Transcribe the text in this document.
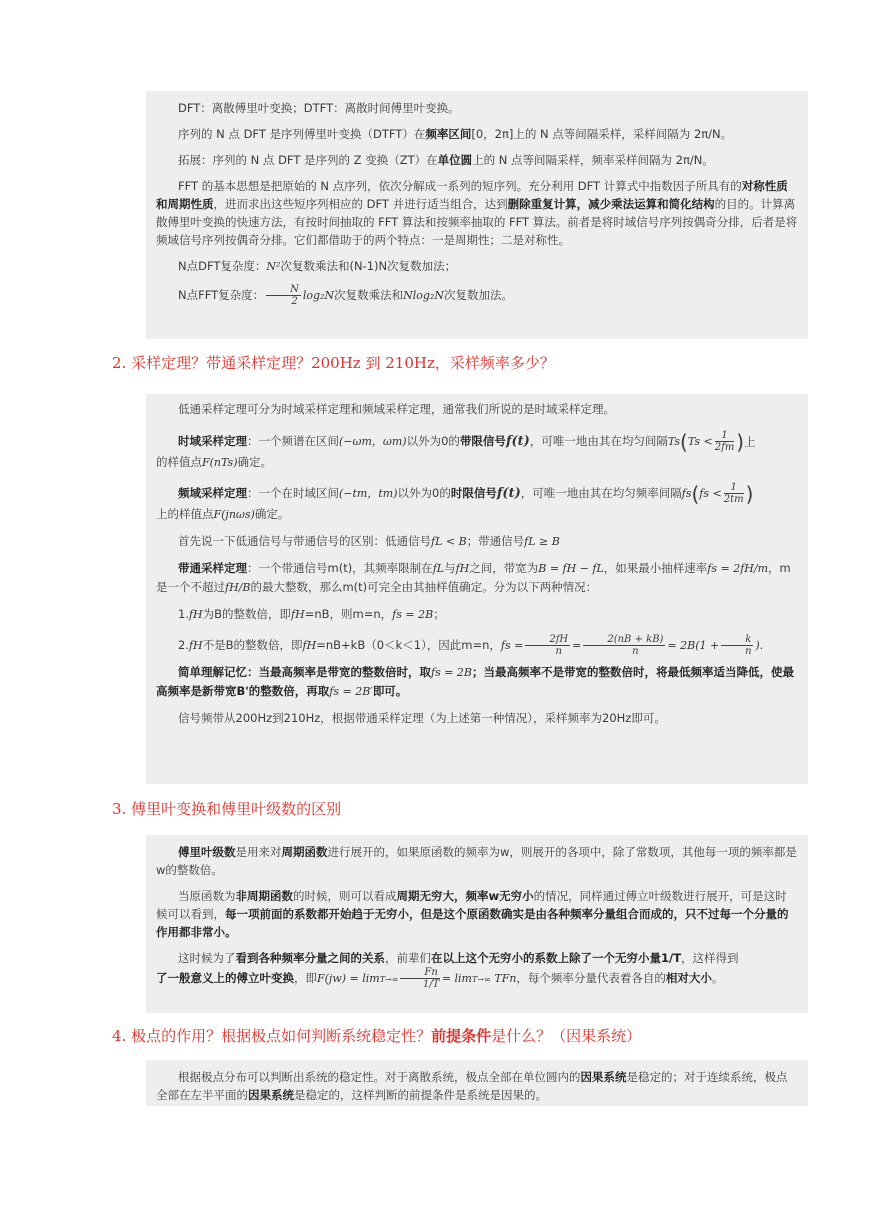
DFT：离散傅里叶变换；DTFT：离散时间傅里叶变换。

序列的 N 点 DFT 是序列傅里叶变换（DTFT）在频率区间[0，2π]上的 N 点等间隔采样，采样间隔为 2π/N。

拓展：序列的 N 点 DFT 是序列的 Z 变换（ZT）在单位圆上的 N 点等间隔采样，频率采样间隔为 2π/N。

FFT 的基本思想是把原始的 N 点序列，依次分解成一系列的短序列。充分利用 DFT 计算式中指数因子所具有的对称性质和周期性质，进而求出这些短序列相应的 DFT 并进行适当组合，达到删除重复计算，减少乘法运算和简化结构的目的。计算离散傅里叶变换的快速方法，有按时间抽取的 FFT 算法和按频率抽取的 FFT 算法。前者是将时域信号序列按偶奇分排，后者是将频域信号序列按偶奇分排。它们都借助于的两个特点：一是周期性；二是对称性。

N点DFT复杂度：N²次复数乘法和(N-1)N次复数加法；

N点FFT复杂度： $\frac{N}{2} \log_2N$次复数乘法和Nlog₂N次复数加法。

2. 采样定理？带通采样定理？200Hz 到 210Hz，采样频率多少？

低通采样定理可分为时域采样定理和频域采样定理，通常我们所说的是时域采样定理。

时域采样定理：一个频谱在区间(−ωm，ωm)以外为0的带限信号f(t)，可唯一地由其在均匀间隔 Ts ( $Ts < \frac{1}{2fm}$ ) 上
的样值点F(nTs)确定。
频域采样定理：一个在时域区间(−tm，tm)以外为0的时限信号f(t)，可唯一地由其在均匀频率间隔 fs ( fs < $\frac{1}{2tm}$ )
上的样值点F(jnωs)确定。

首先说一下低通信号与带通信号的区别：低通信号fL < B；带通信号fL ≥ B

带通采样定理：一个带通信号m(t)，其频率限制在fL与fH之间，带宽为B = fH − fL，如果最小抽样速率fs = 2fH/m，m是一个不超过fH/B的最大整数，那么m(t)可完全由其抽样值确定。分为以下两种情况：

1.fH为B的整数倍，即fH=nB，则m=n，fs = 2B；

2.fH不是B的整数倍，即fH=nB+kB（0＜k＜1），因此m=n，fs = $\frac{2fH}{n} = \frac{2(nB + kB)}{n} = 2B(1 + \frac{k}{n}$ ).

简单理解记忆：当最高频率是带宽的整数倍时，取fs = 2B；当最高频率不是带宽的整数倍时，将最低频率适当降低，使最高频率是新带宽B'的整数倍，再取fs = 2B′即可。

信号频带从200Hz到210Hz，根据带通采样定理（为上述第一种情况），采样频率为20Hz即可。

3. 傅里叶变换和傅里叶级数的区别

傅里叶级数是用来对周期函数进行展开的，如果原函数的频率为w，则展开的各项中，除了常数项，其他每一项的频率都是w的整数倍。

当原函数为非周期函数的时候，则可以看成周期无穷大，频率w无穷小的情况，同样通过傅立叶级数进行展开，可是这时候可以看到，每一项前面的系数都开始趋于无穷小，但是这个原函数确实是由各种频率分量组合而成的，只不过每一个分量的作用都非常小。

这时候为了看到各种频率分量之间的关系，前辈们在以上这个无穷小的系数上除了一个无穷小量1/T，这样得到
了一般意义上的傅立叶变换，即$F(jw) = \lim T\to\infty \frac{Fn}{1/T} = \lim T\to\infty$ TFn，每个频率分量代表着各自的相对大小。

4. 极点的作用？根据极点如何判断系统稳定性？前提条件是什么？（因果系统）

根据极点分布可以判断出系统的稳定性。对于离散系统，极点全部在单位圆内的因果系统是稳定的；对于连续系统，极点全部在左半平面的因果系统是稳定的，这样判断的前提条件是系统是因果的。
